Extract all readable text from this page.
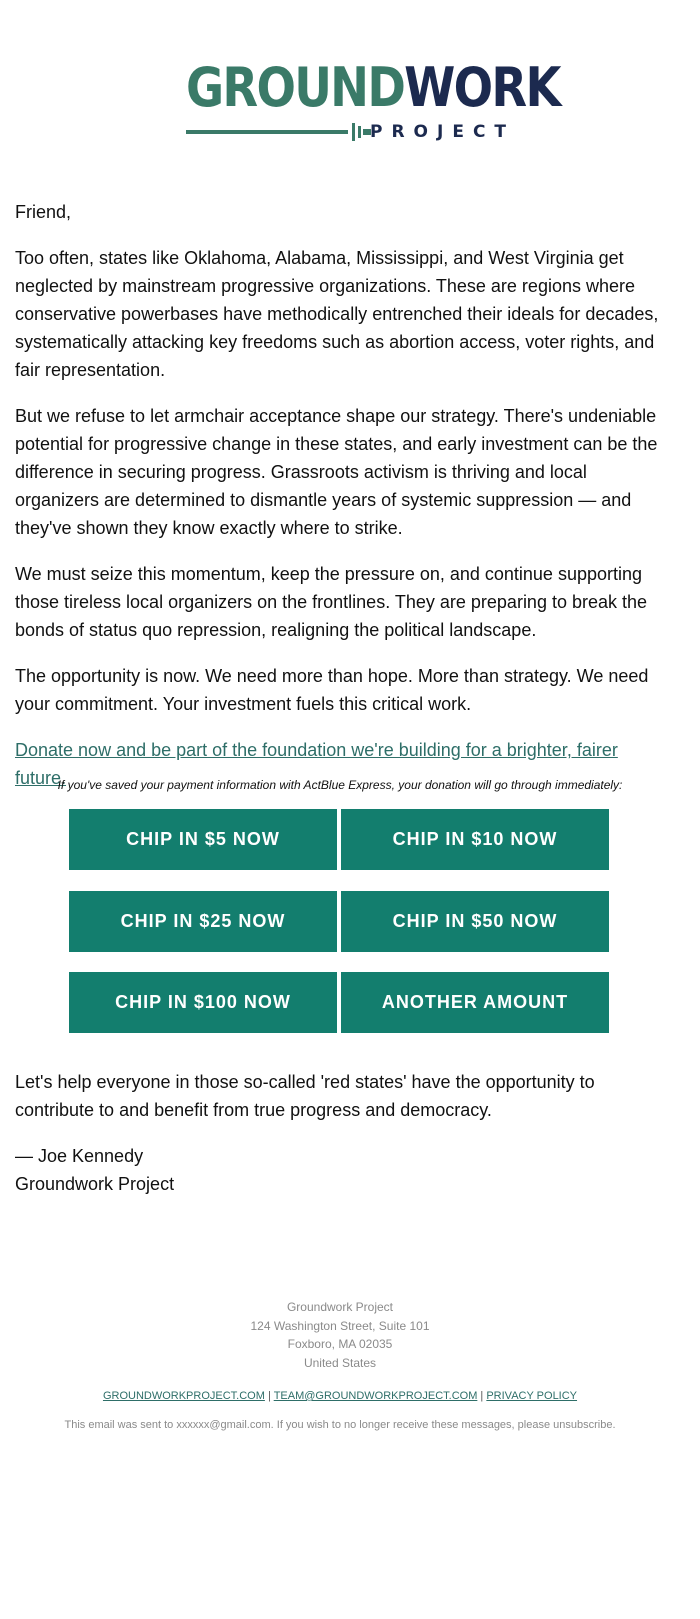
GROUNDWORK
PROJECT

Friend,

Too often, states like Oklahoma, Alabama, Mississippi, and West Virginia get neglected by mainstream progressive organizations. These are regions where conservative powerbases have methodically entrenched their ideals for decades, systematically attacking key freedoms such as abortion access, voter rights, and fair representation.

But we refuse to let armchair acceptance shape our strategy. There's undeniable potential for progressive change in these states, and early investment can be the difference in securing progress. Grassroots activism is thriving and local organizers are determined to dismantle years of systemic suppression — and they've shown they know exactly where to strike.

We must seize this momentum, keep the pressure on, and continue supporting those tireless local organizers on the frontlines. They are preparing to break the bonds of status quo repression, realigning the political landscape.

The opportunity is now. We need more than hope. More than strategy. We need your commitment. Your investment fuels this critical work.

Donate now and be part of the foundation we're building for a brighter, fairer future.
If you've saved your payment information with ActBlue Express, your donation will go through immediately:
CHIP IN $5 NOW	CHIP IN $10 NOW
CHIP IN $25 NOW	CHIP IN $50 NOW
CHIP IN $100 NOW	ANOTHER AMOUNT

Let's help everyone in those so-called 'red states' have the opportunity to contribute to and benefit from true progress and democracy.

— Joe Kennedy
Groundwork Project

Groundwork Project
124 Washington Street, Suite 101
Foxboro, MA 02035
United States
GROUNDWORKPROJECT.COM | TEAM@GROUNDWORKPROJECT.COM | PRIVACY POLICY
This email was sent to xxxxxx@gmail.com. If you wish to no longer receive these messages, please unsubscribe.
